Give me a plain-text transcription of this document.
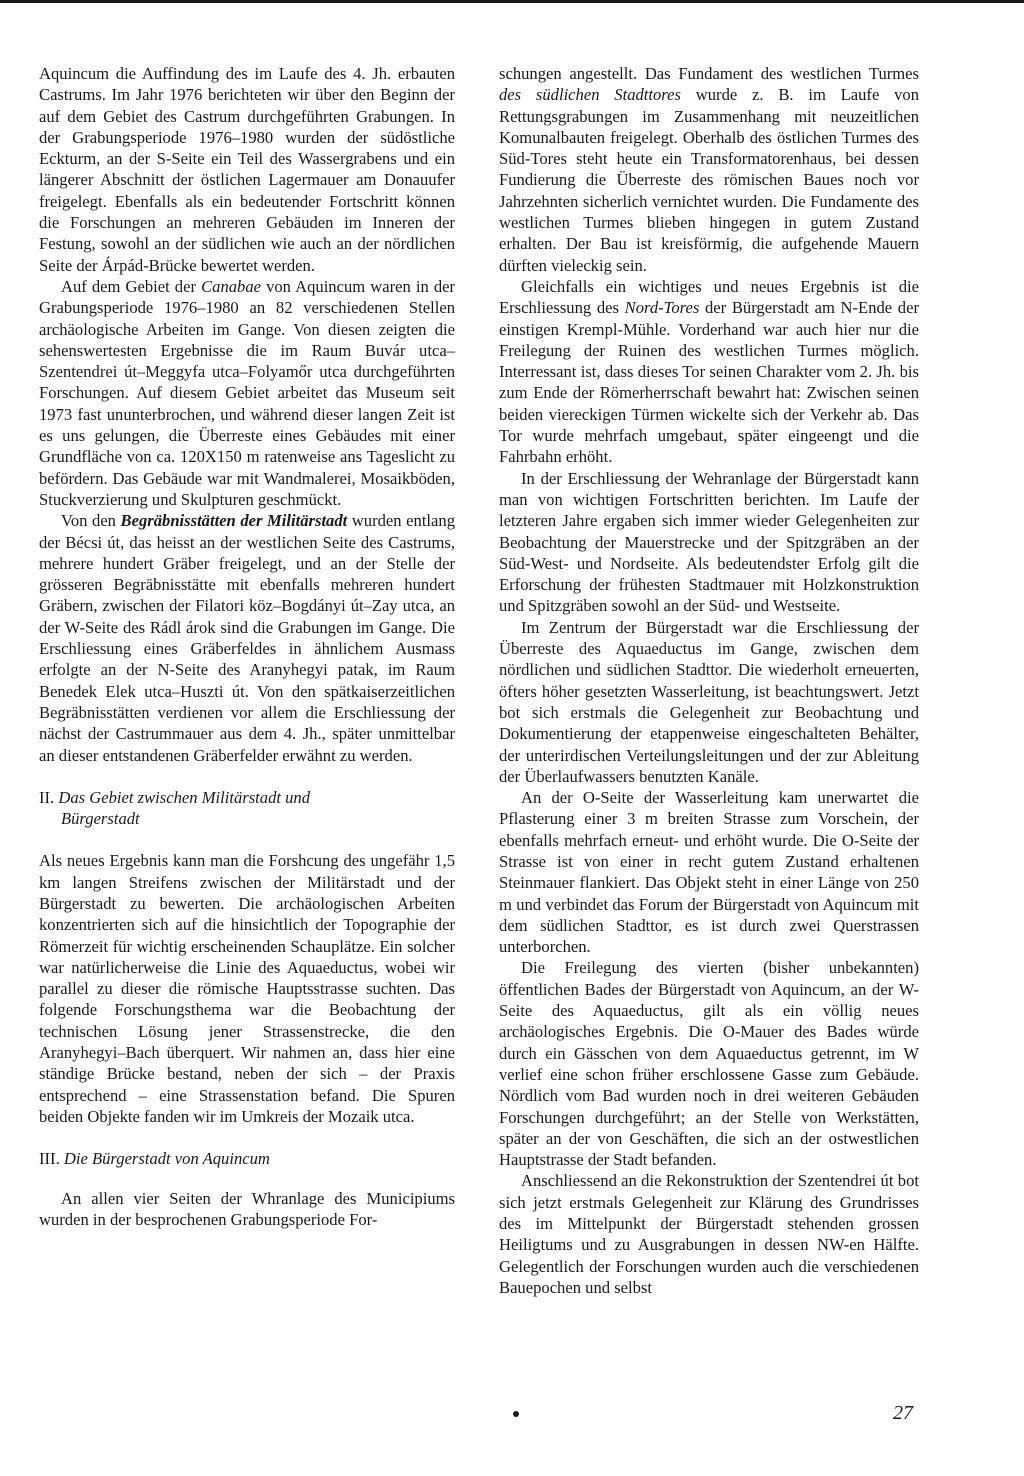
Aquincum die Auffindung des im Laufe des 4. Jh. erbauten Castrums. Im Jahr 1976 berichteten wir über den Beginn der auf dem Gebiet des Castrum durchgeführten Grabungen. In der Grabungsperiode 1976–1980 wurden der südöstliche Eckturm, an der S-Seite ein Teil des Wassergrabens und ein längerer Abschnitt der östlichen Lagermauer am Donauufer freigelegt. Ebenfalls als ein bedeutender Fortschritt können die Forschungen an mehreren Gebäuden im Inneren der Festung, sowohl an der südlichen wie auch an der nördlichen Seite der Árpád-Brücke bewertet werden.

Auf dem Gebiet der Canabae von Aquincum waren in der Grabungsperiode 1976–1980 an 82 verschiedenen Stellen archäologische Arbeiten im Gange. Von diesen zeigten die sehenswertesten Ergebnisse die im Raum Buvár utca–Szentendrei út–Meggyfa utca–Folyamőr utca durchgeführten Forschungen. Auf diesem Gebiet arbeitet das Museum seit 1973 fast ununterbrochen, und während dieser langen Zeit ist es uns gelungen, die Überreste eines Gebäudes mit einer Grundfläche von ca. 120X150 m ratenweise ans Tageslicht zu befördern. Das Gebäude war mit Wandmalerei, Mosaikböden, Stuckverzierung und Skulpturen geschmückt.

Von den Begräbnisstätten der Militärstadt wurden entlang der Bécsi út, das heisst an der westlichen Seite des Castrums, mehrere hundert Gräber freigelegt, und an der Stelle der grösseren Begräbnisstätte mit ebenfalls mehreren hundert Gräbern, zwischen der Filatori köz–Bogdányi út–Zay utca, an der W-Seite des Rádl árok sind die Grabungen im Gange. Die Erschliessung eines Gräberfeldes in ähnlichem Ausmass erfolgte an der N-Seite des Aranyhegyi patak, im Raum Benedek Elek utca–Huszti út. Von den spätkaiserzeitlichen Begräbnisstätten verdienen vor allem die Erschliessung der nächst der Castrummauer aus dem 4. Jh., später unmittelbar an dieser entstandenen Gräberfelder erwähnt zu werden.

II. Das Gebiet zwischen Militärstadt und

Bürgerstadt

Als neues Ergebnis kann man die Forshcung des ungefähr 1,5 km langen Streifens zwischen der Militärstadt und der Bürgerstadt zu bewerten. Die archäologischen Arbeiten konzentrierten sich auf die hinsichtlich der Topographie der Römerzeit für wichtig erscheinenden Schauplätze. Ein solcher war natürlicherweise die Linie des Aquaeductus, wobei wir parallel zu dieser die römische Hauptsstrasse suchten. Das folgende Forschungsthema war die Beobachtung der technischen Lösung jener Strassenstrecke, die den Aranyhegyi–Bach überquert. Wir nahmen an, dass hier eine ständige Brücke bestand, neben der sich – der Praxis entsprechend – eine Strassenstation befand. Die Spuren beiden Objekte fanden wir im Umkreis der Mozaik utca.

III. Die Bürgerstadt von Aquincum

An allen vier Seiten der Whranlage des Municipiums wurden in der besprochenen Grabungsperiode For-

schungen angestellt. Das Fundament des westlichen Turmes des südlichen Stadttores wurde z. B. im Laufe von Rettungsgrabungen im Zusammenhang mit neuzeitlichen Komunalbauten freigelegt. Oberhalb des östlichen Turmes des Süd-Tores steht heute ein Transformatorenhaus, bei dessen Fundierung die Überreste des römischen Baues noch vor Jahrzehnten sicherlich vernichtet wurden. Die Fundamente des westlichen Turmes blieben hingegen in gutem Zustand erhalten. Der Bau ist kreisförmig, die aufgehende Mauern dürften vieleckig sein.

Gleichfalls ein wichtiges und neues Ergebnis ist die Erschliessung des Nord-Tores der Bürgerstadt am N-Ende der einstigen Krempl-Mühle. Vorderhand war auch hier nur die Freilegung der Ruinen des westlichen Turmes möglich. Interressant ist, dass dieses Tor seinen Charakter vom 2. Jh. bis zum Ende der Römerherrschaft bewahrt hat: Zwischen seinen beiden viereckigen Türmen wickelte sich der Verkehr ab. Das Tor wurde mehrfach umgebaut, später eingeengt und die Fahrbahn erhöht.

In der Erschliessung der Wehranlage der Bürgerstadt kann man von wichtigen Fortschritten berichten. Im Laufe der letzteren Jahre ergaben sich immer wieder Gelegenheiten zur Beobachtung der Mauerstrecke und der Spitzgräben an der Süd-West- und Nordseite. Als bedeutendster Erfolg gilt die Erforschung der frühesten Stadtmauer mit Holzkonstruktion und Spitzgräben sowohl an der Süd- und Westseite.

Im Zentrum der Bürgerstadt war die Erschliessung der Überreste des Aquaeductus im Gange, zwischen dem nördlichen und südlichen Stadttor. Die wiederholt erneuerten, öfters höher gesetzten Wasserleitung, ist beachtungswert. Jetzt bot sich erstmals die Gelegenheit zur Beobachtung und Dokumentierung der etappenweise eingeschalteten Behälter, der unterirdischen Verteilungsleitungen und der zur Ableitung der Überlaufwassers benutzten Kanäle.

An der O-Seite der Wasserleitung kam unerwartet die Pflasterung einer 3 m breiten Strasse zum Vorschein, der ebenfalls mehrfach erneut- und erhöht wurde. Die O-Seite der Strasse ist von einer in recht gutem Zustand erhaltenen Steinmauer flankiert. Das Objekt steht in einer Länge von 250 m und verbindet das Forum der Bürgerstadt von Aquincum mit dem südlichen Stadttor, es ist durch zwei Querstrassen unterborchen.

Die Freilegung des vierten (bisher unbekannten) öffentlichen Bades der Bürgerstadt von Aquincum, an der W-Seite des Aquaeductus, gilt als ein völlig neues archäologisches Ergebnis. Die O-Mauer des Bades würde durch ein Gässchen von dem Aquaeductus getrennt, im W verlief eine schon früher erschlossene Gasse zum Gebäude. Nördlich vom Bad wurden noch in drei weiteren Gebäuden Forschungen durchgeführt; an der Stelle von Werkstätten, später an der von Geschäften, die sich an der ostwestlichen Hauptstrasse der Stadt befanden.

Anschliessend an die Rekonstruktion der Szentendrei út bot sich jetzt erstmals Gelegenheit zur Klärung des Grundrisses des im Mittelpunkt der Bürgerstadt stehenden grossen Heiligtums und zu Ausgrabungen in dessen NW-en Hälfte. Gelegentlich der Forschungen wurden auch die verschiedenen Bauepochen und selbst

27
